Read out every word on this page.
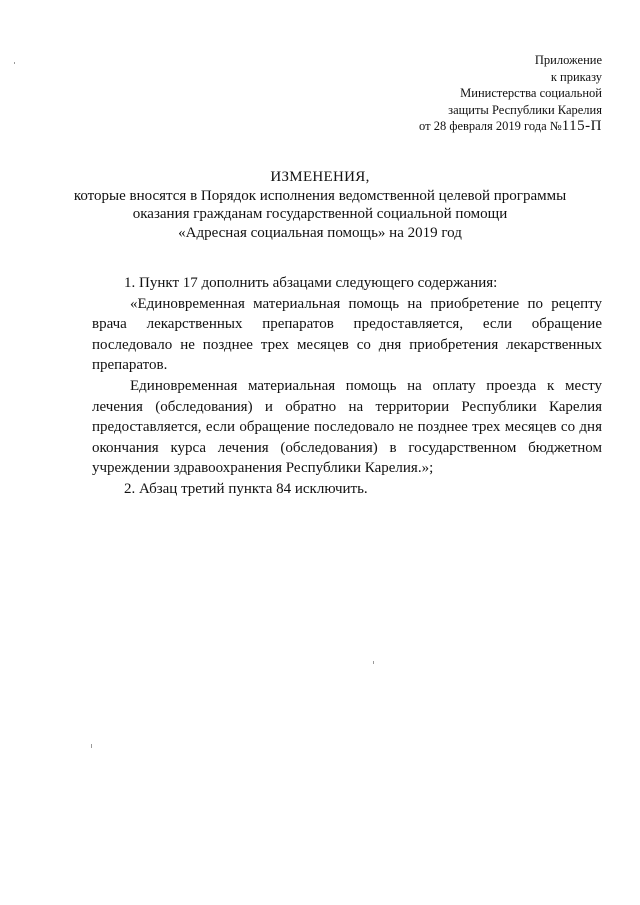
Приложение
к приказу
Министерства социальной
защиты Республики Карелия
от 28 февраля 2019 года №115-П
ИЗМЕНЕНИЯ,
которые вносятся в Порядок исполнения ведомственной целевой программы
оказания гражданам государственной социальной помощи
«Адресная социальная помощь» на 2019 год

1. Пункт 17 дополнить абзацами следующего содержания:

«Единовременная материальная помощь на приобретение по рецепту врача лекарственных препаратов предоставляется, если обращение последовало не позднее трех месяцев со дня приобретения лекарственных препаратов.

Единовременная материальная помощь на оплату проезда к месту лечения (обследования) и обратно на территории Республики Карелия предоставляется, если обращение последовало не позднее трех месяцев со дня окончания курса лечения (обследования) в государственном бюджетном учреждении здравоохранения Республики Карелия.»;

2. Абзац третий пункта 84 исключить.
